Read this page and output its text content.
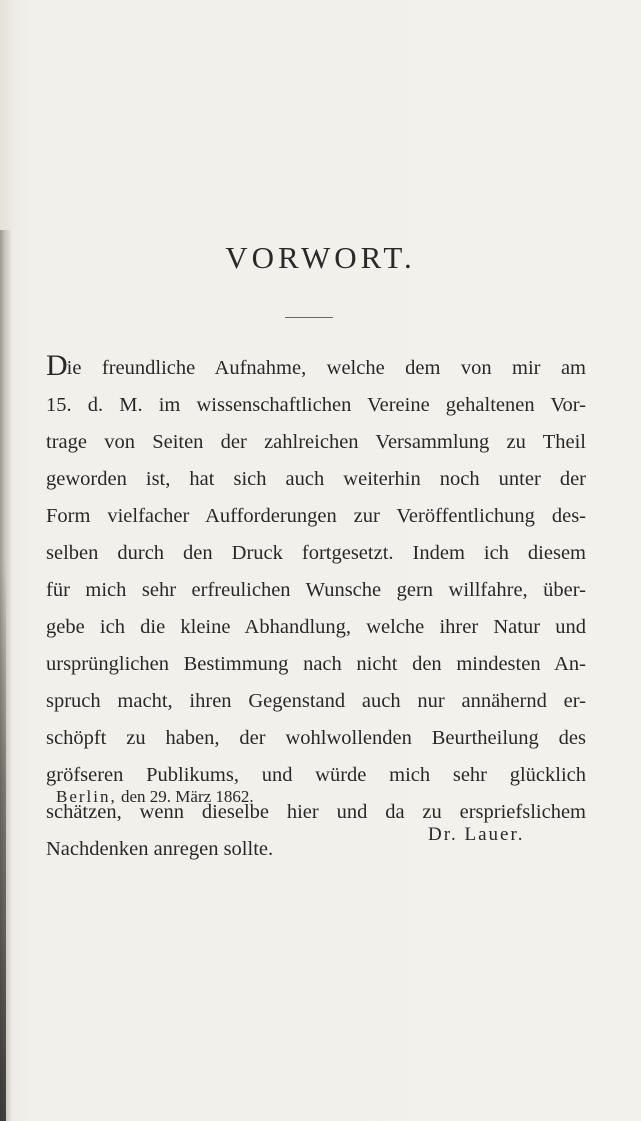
VORWORT.
Die freundliche Aufnahme, welche dem von mir am
15. d. M. im wissenschaftlichen Vereine gehaltenen Vor-
trage von Seiten der zahlreichen Versammlung zu Theil
geworden ist, hat sich auch weiterhin noch unter der
Form vielfacher Aufforderungen zur Veröffentlichung des-
selben durch den Druck fortgesetzt. Indem ich diesem
für mich sehr erfreulichen Wunsche gern willfahre, über-
gebe ich die kleine Abhandlung, welche ihrer Natur und
ursprünglichen Bestimmung nach nicht den mindesten An-
spruch macht, ihren Gegenstand auch nur annähernd er-
schöpft zu haben, der wohlwollenden Beurtheilung des
gröfseren Publikums, und würde mich sehr glücklich
schätzen, wenn dieselbe hier und da zu erspriefslichem
Nachdenken anregen sollte.
Berlin, den 29. März 1862.
Dr. Lauer.
